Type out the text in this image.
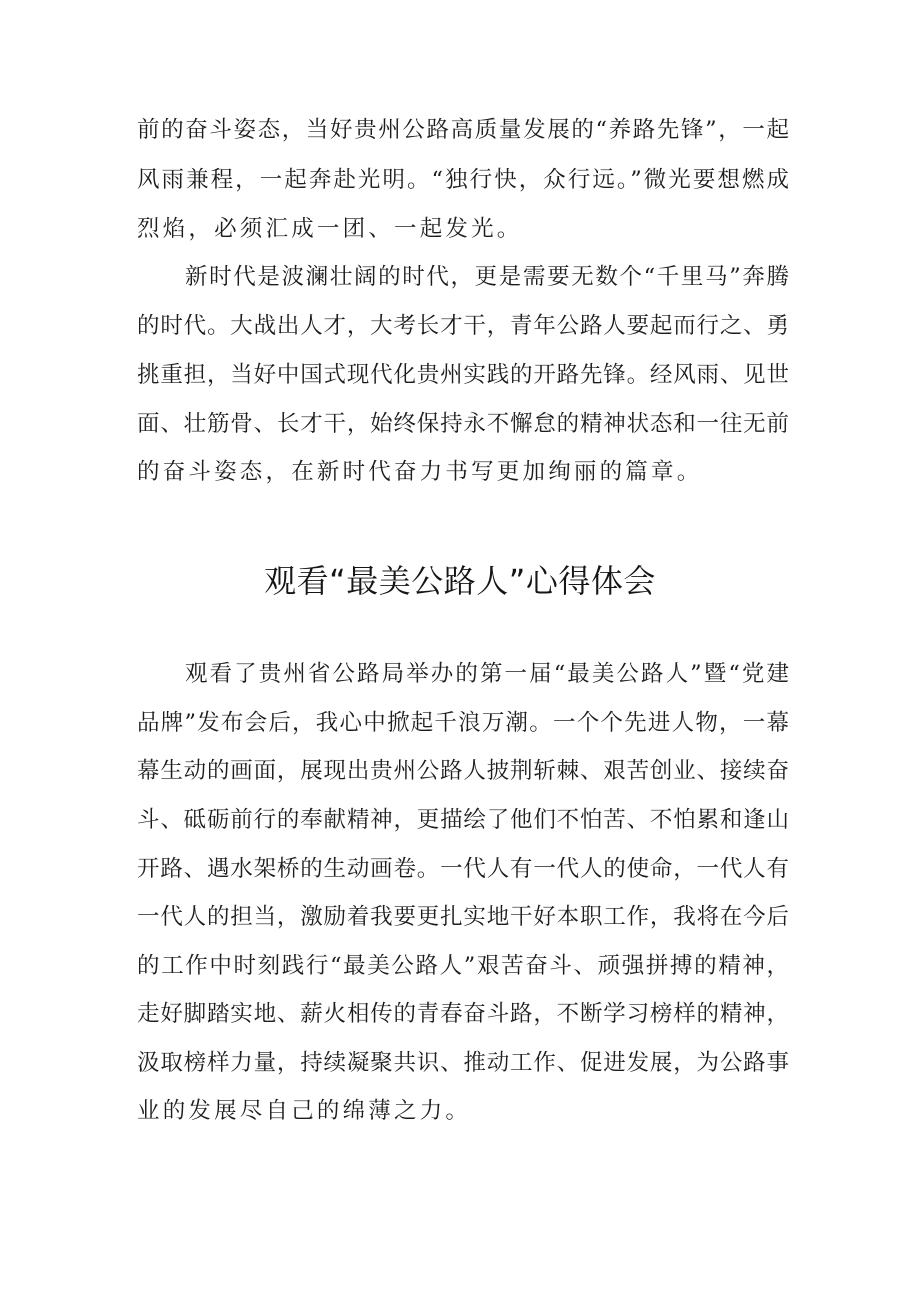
前的奋斗姿态，当好贵州公路高质量发展的“养路先锋”，一起
风雨兼程，一起奔赴光明。“独行快，众行远。”微光要想燃成
烈焰，必须汇成一团、一起发光。
新时代是波澜壮阔的时代，更是需要无数个“千里马”奔腾
的时代。大战出人才，大考长才干，青年公路人要起而行之、勇
挑重担，当好中国式现代化贵州实践的开路先锋。经风雨、见世
面、壮筋骨、长才干，始终保持永不懈怠的精神状态和一往无前
的奋斗姿态，在新时代奋力书写更加绚丽的篇章。
观看“最美公路人”心得体会
观看了贵州省公路局举办的第一届“最美公路人”暨“党建
品牌”发布会后，我心中掀起千浪万潮。一个个先进人物，一幕
幕生动的画面，展现出贵州公路人披荆斩棘、艰苦创业、接续奋
斗、砥砺前行的奉献精神，更描绘了他们不怕苦、不怕累和逢山
开路、遇水架桥的生动画卷。一代人有一代人的使命，一代人有
一代人的担当，激励着我要更扎实地干好本职工作，我将在今后
的工作中时刻践行“最美公路人”艰苦奋斗、顽强拼搏的精神，
走好脚踏实地、薪火相传的青春奋斗路，不断学习榜样的精神，
汲取榜样力量，持续凝聚共识、推动工作、促进发展，为公路事
业的发展尽自己的绵薄之力。
